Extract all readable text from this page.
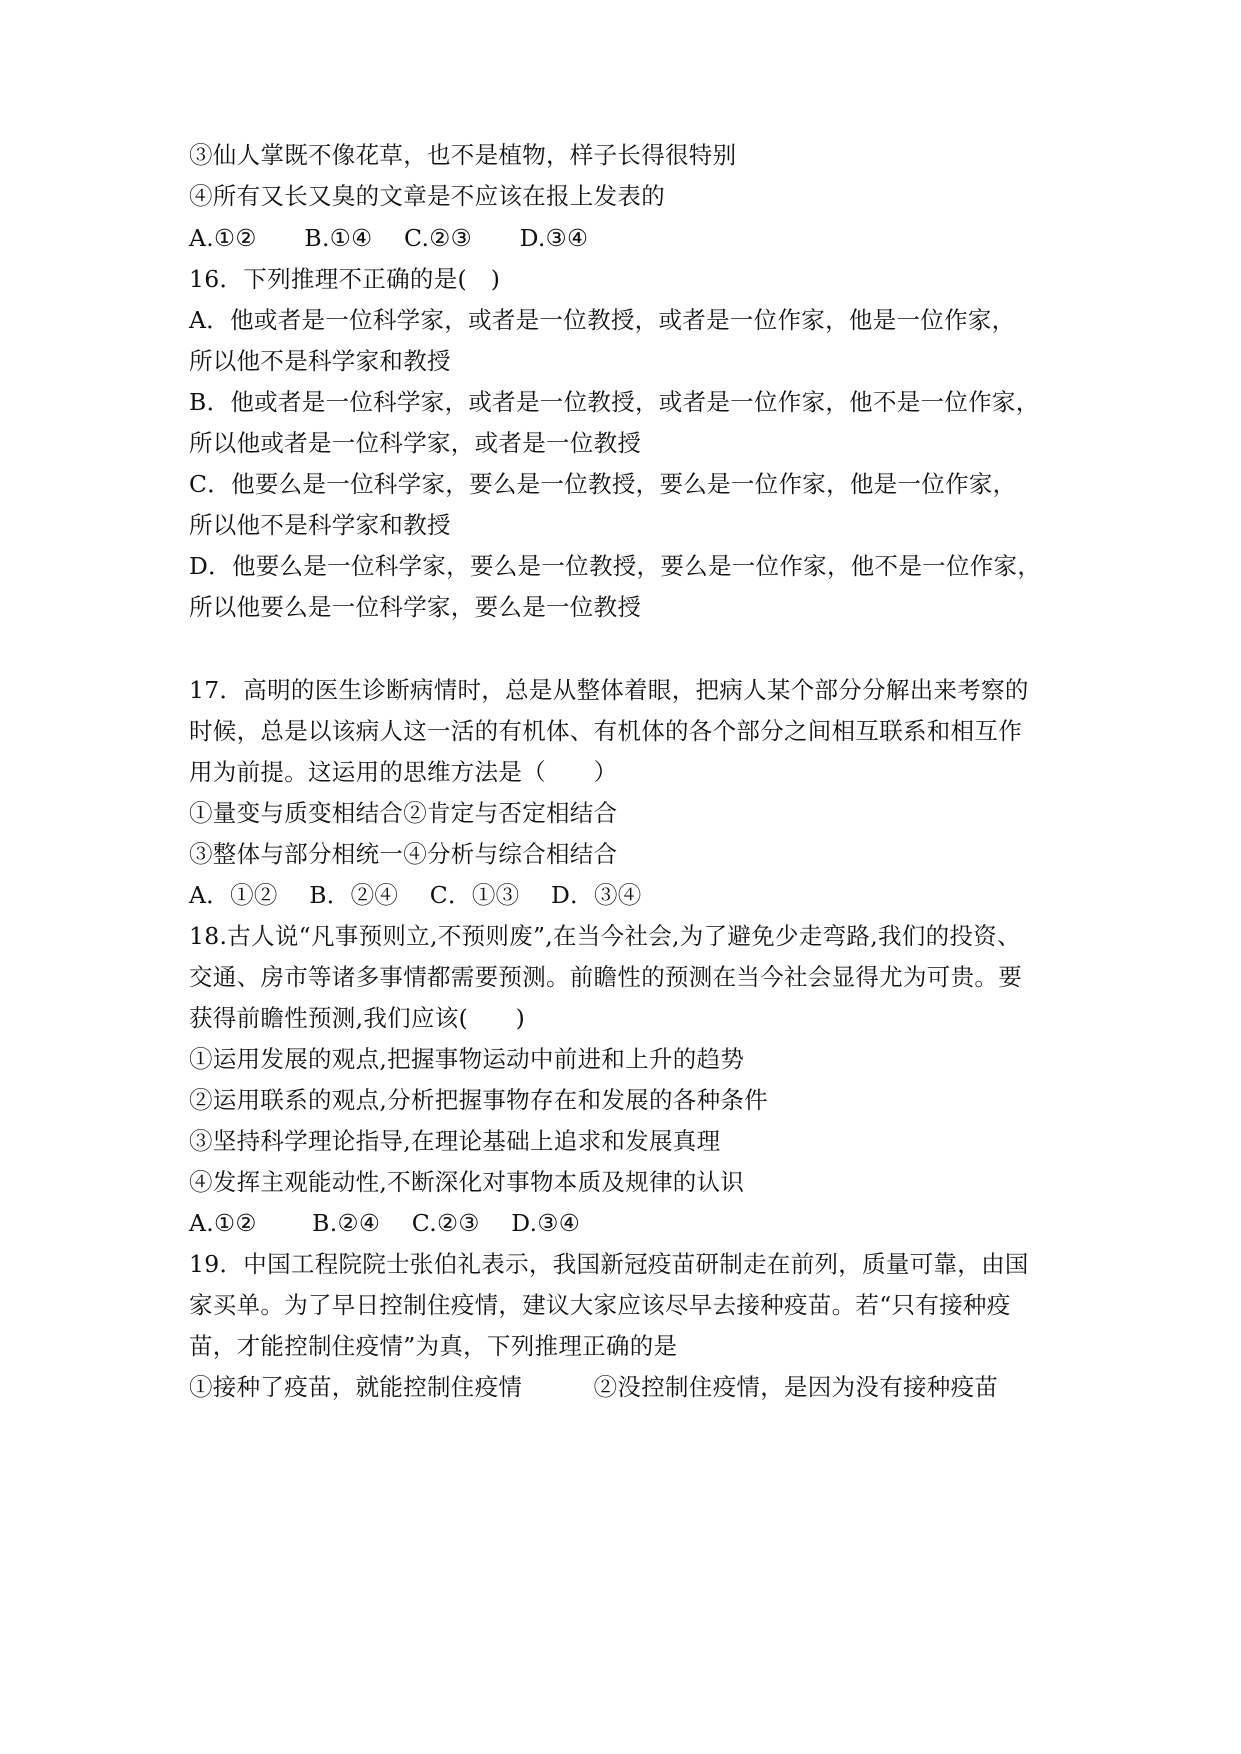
③仙人掌既不像花草，也不是植物，样子长得很特别
④所有又长又臭的文章是不应该在报上发表的
A.①②　　B.①④　 C.②③　　D.③④
16．下列推理不正确的是(　)
A．他或者是一位科学家，或者是一位教授，或者是一位作家，他是一位作家，
所以他不是科学家和教授
B．他或者是一位科学家，或者是一位教授，或者是一位作家，他不是一位作家，
所以他或者是一位科学家，或者是一位教授
C．他要么是一位科学家，要么是一位教授，要么是一位作家，他是一位作家，
所以他不是科学家和教授
D．他要么是一位科学家，要么是一位教授，要么是一位作家，他不是一位作家，
所以他要么是一位科学家，要么是一位教授
17．高明的医生诊断病情时，总是从整体着眼，把病人某个部分分解出来考察的
时候，总是以该病人这一活的有机体、有机体的各个部分之间相互联系和相互作
用为前提。这运用的思维方法是（　　）
①量变与质变相结合②肯定与否定相结合
③整体与部分相统一④分析与综合相结合
A．①②　 B．②④　 C．①③　 D．③④
18.古人说“凡事预则立,不预则废”,在当今社会,为了避免少走弯路,我们的投资、
交通、房市等诸多事情都需要预测。前瞻性的预测在当今社会显得尤为可贵。要
获得前瞻性预测,我们应该(　　)
①运用发展的观点,把握事物运动中前进和上升的趋势
②运用联系的观点,分析把握事物存在和发展的各种条件
③坚持科学理论指导,在理论基础上追求和发展真理
④发挥主观能动性,不断深化对事物本质及规律的认识
A.①②　　 B.②④　 C.②③　 D.③④
19．中国工程院院士张伯礼表示，我国新冠疫苗研制走在前列，质量可靠，由国
家买单。为了早日控制住疫情，建议大家应该尽早去接种疫苗。若“只有接种疫
苗，才能控制住疫情”为真，下列推理正确的是
①接种了疫苗，就能控制住疫情　　　②没控制住疫情，是因为没有接种疫苗
